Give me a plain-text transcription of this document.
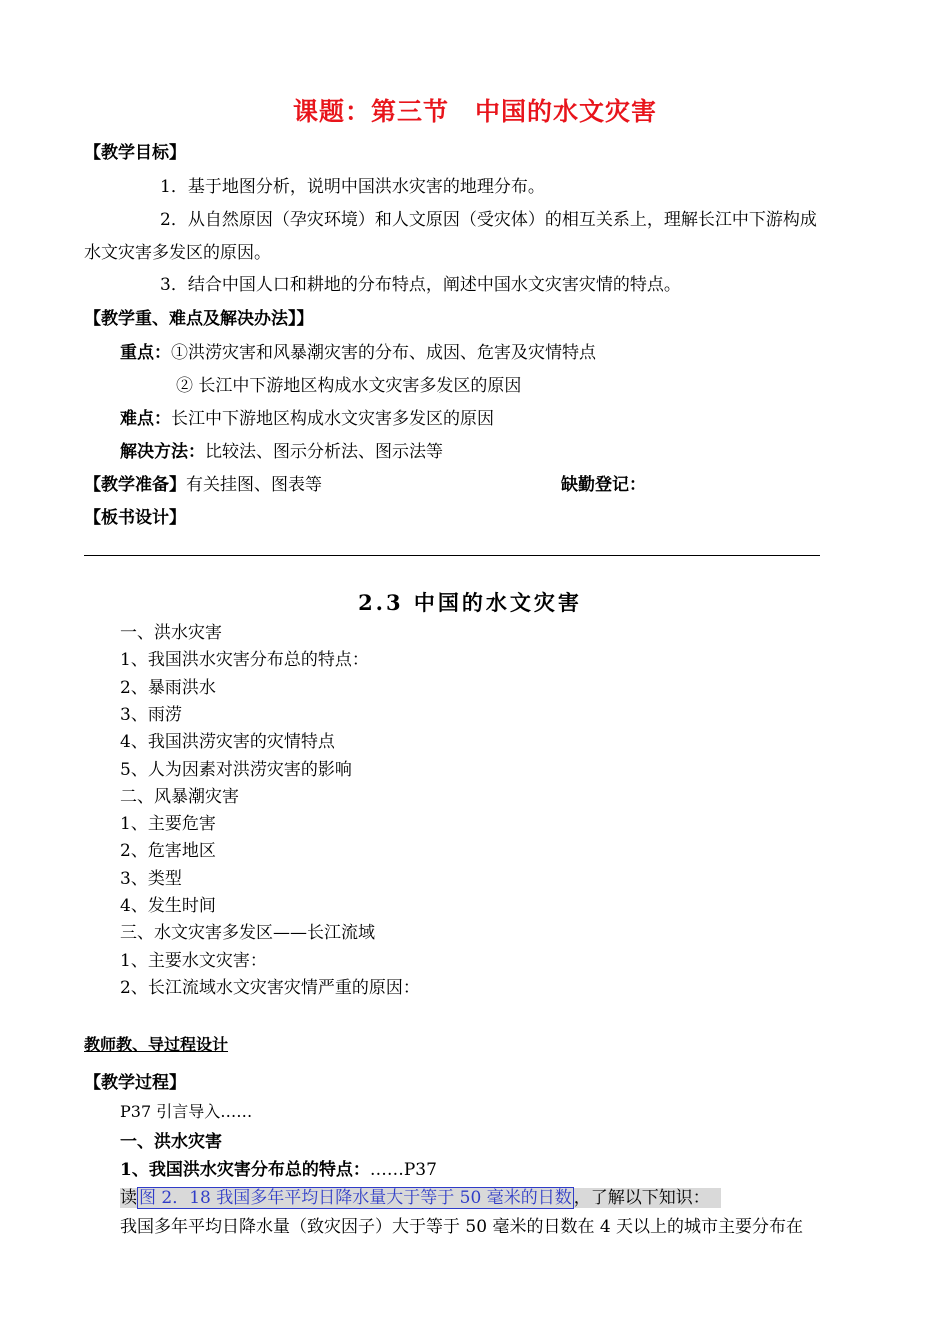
课题：第三节　中国的水文灾害
【教学目标】
1．基于地图分析，说明中国洪水灾害的地理分布。
2．从自然原因（孕灾环境）和人文原因（受灾体）的相互关系上，理解长江中下游构成
水文灾害多发区的原因。
3．结合中国人口和耕地的分布特点，阐述中国水文灾害灾情的特点。
【教学重、难点及解决办法】】
重点：①洪涝灾害和风暴潮灾害的分布、成因、危害及灾情特点
② 长江中下游地区构成水文灾害多发区的原因
难点：长江中下游地区构成水文灾害多发区的原因
解决方法：比较法、图示分析法、图示法等
【教学准备】有关挂图、图表等	缺勤登记：
【板书设计】
2.3 中国的水文灾害
一、洪水灾害
1、我国洪水灾害分布总的特点：
2、暴雨洪水
3、雨涝
4、我国洪涝灾害的灾情特点
5、人为因素对洪涝灾害的影响
二、风暴潮灾害
1、主要危害
2、危害地区
3、类型
4、发生时间
三、水文灾害多发区——长江流域
1、主要水文灾害：
2、长江流域水文灾害灾情严重的原因：
教师教、导过程设计
【教学过程】
P37 引言导入……
一、洪水灾害
1、我国洪水灾害分布总的特点：……P37
读 图 2．18 我国多年平均日降水量大于等于 50 毫米的日数 ，了解以下知识：
我国多年平均日降水量（致灾因子）大于等于 50 毫米的日数在 4 天以上的城市主要分布在
